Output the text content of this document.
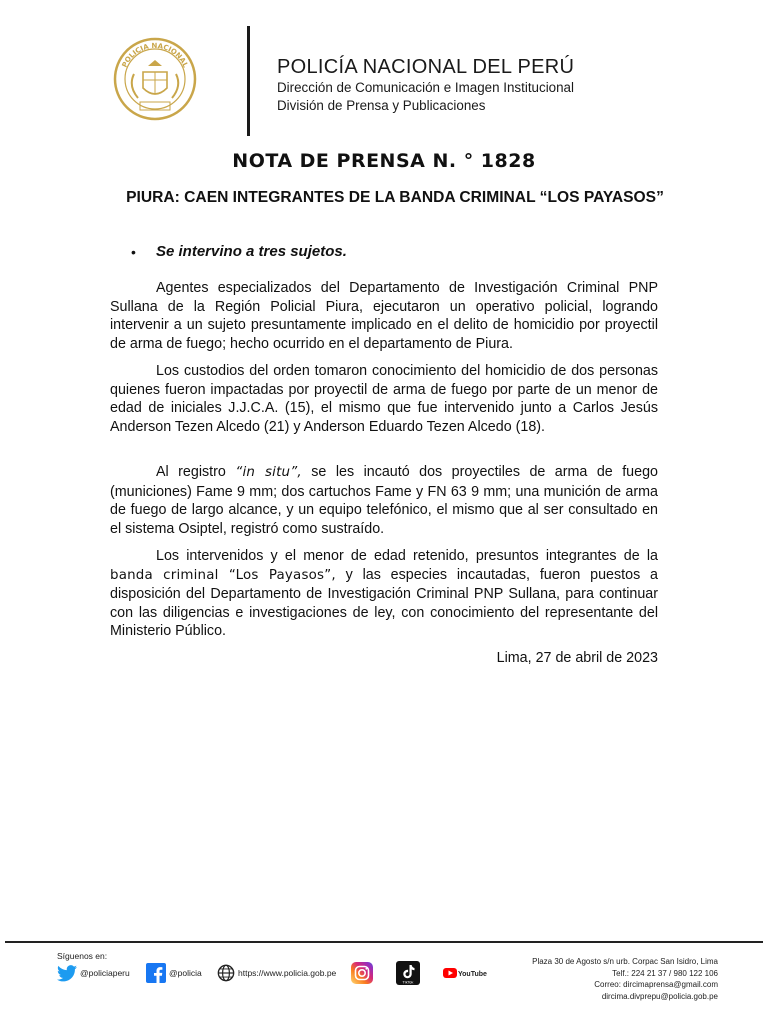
POLICIA NACIONAL	POLICÍA NACIONAL DEL PERÚ
Dirección de Comunicación e Imagen Institucional
División de Prensa y Publicaciones
NOTA DE PRENSA N. ° 1828
PIURA: CAEN INTEGRANTES DE LA BANDA CRIMINAL “LOS PAYASOS”
• Se intervino a tres sujetos.
Agentes especializados del Departamento de Investigación Criminal PNP Sullana de la Región Policial Piura, ejecutaron un operativo policial, logrando intervenir a un sujeto presuntamente implicado en el delito de homicidio por proyectil de arma de fuego; hecho ocurrido en el departamento de Piura.
Los custodios del orden tomaron conocimiento del homicidio de dos personas quienes fueron impactadas por proyectil de arma de fuego por parte de un menor de edad de iniciales J.J.C.A. (15), el mismo que fue intervenido junto a Carlos Jesús Anderson Tezen Alcedo (21) y Anderson Eduardo Tezen Alcedo (18).
Al registro “in situ”, se les incautó dos proyectiles de arma de fuego (municiones) Fame 9 mm; dos cartuchos Fame y FN 63 9 mm; una munición de arma de fuego de largo alcance, y un equipo telefónico, el mismo que al ser consultado en el sistema Osiptel, registró como sustraído.
Los intervenidos y el menor de edad retenido, presuntos integrantes de la banda criminal “Los Payasos”, y las especies incautadas, fueron puestos a disposición del Departamento de Investigación Criminal PNP Sullana, para continuar con las diligencias e investigaciones de ley, con conocimiento del representante del Ministerio Público.
Lima, 27 de abril de 2023
Síguenos en:
@policiaperu	@policia	https://www.policia.gob.pe
TikTok
YouTube
Plaza 30 de Agosto s/n urb. Corpac San Isidro, Lima
Telf.: 224 21 37 / 980 122 106
Correo: dircimaprensa@gmail.com
dircima.divprepu@policia.gob.pe
